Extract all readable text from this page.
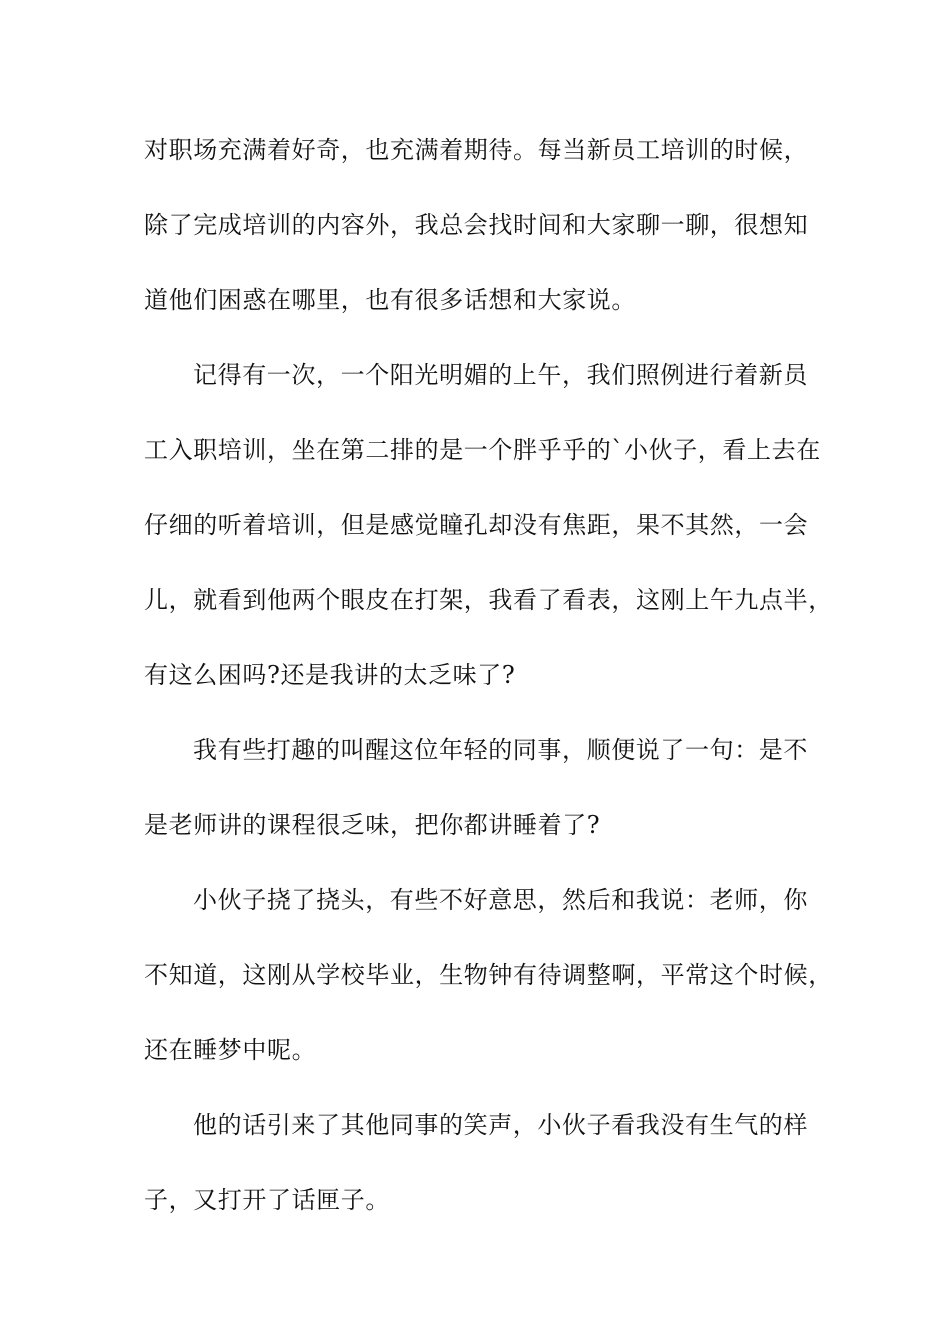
对职场充满着好奇，也充满着期待。每当新员工培训的时候，
除了完成培训的内容外，我总会找时间和大家聊一聊，很想知
道他们困惑在哪里，也有很多话想和大家说。
记得有一次，一个阳光明媚的上午，我们照例进行着新员
工入职培训，坐在第二排的是一个胖乎乎的`小伙子，看上去在
仔细的听着培训，但是感觉瞳孔却没有焦距，果不其然，一会
儿，就看到他两个眼皮在打架，我看了看表，这刚上午九点半，
有这么困吗?还是我讲的太乏味了?
我有些打趣的叫醒这位年轻的同事，顺便说了一句：是不
是老师讲的课程很乏味，把你都讲睡着了?
小伙子挠了挠头，有些不好意思，然后和我说：老师，你
不知道，这刚从学校毕业，生物钟有待调整啊，平常这个时候，
还在睡梦中呢。
他的话引来了其他同事的笑声，小伙子看我没有生气的样
子，又打开了话匣子。
